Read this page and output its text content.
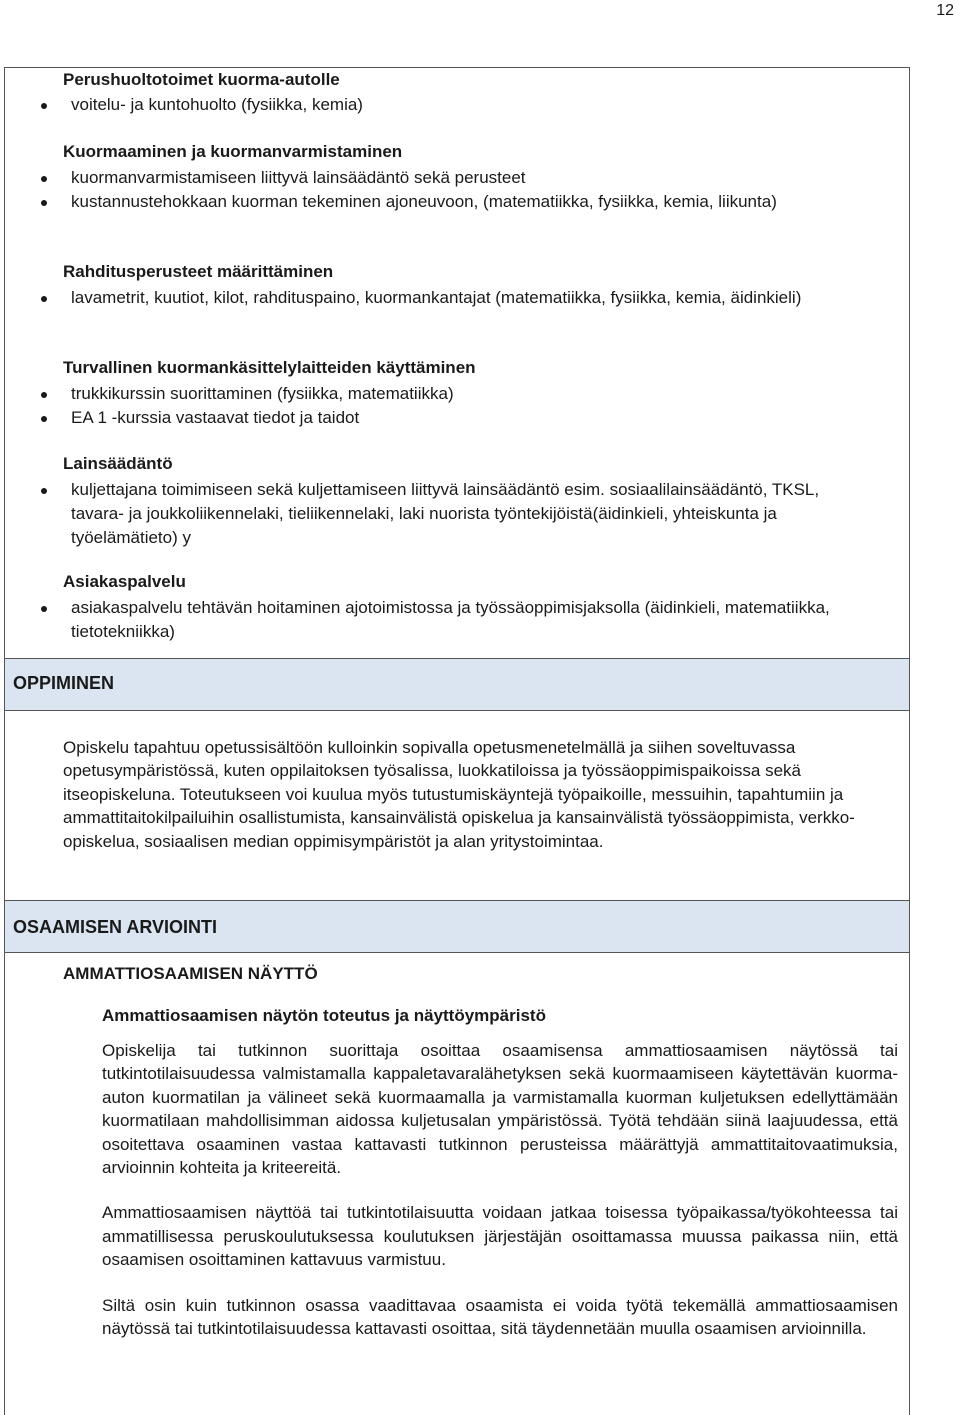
12
Perushuoltotoimet kuorma-autolle
voitelu- ja kuntohuolto (fysiikka, kemia)
Kuormaaminen ja kuormanvarmistaminen
kuormanvarmistamiseen liittyvä lainsäädäntö sekä perusteet
kustannustehokkaan kuorman tekeminen ajoneuvoon, (matematiikka, fysiikka, kemia, liikunta)
Rahditusperusteet määrittäminen
lavametrit, kuutiot, kilot, rahdituspaino, kuormankantajat (matematiikka, fysiikka, kemia, äidinkieli)
Turvallinen kuormankäsittelylaitteiden käyttäminen
trukkikurssin suorittaminen (fysiikka, matematiikka)
EA 1 -kurssia vastaavat tiedot ja taidot
Lainsäädäntö
kuljettajana toimimiseen sekä kuljettamiseen liittyvä lainsäädäntö esim. sosiaalilainsäädäntö, TKSL, tavara- ja joukkoliikennelaki, tieliikennelaki, laki nuorista työntekijöistä(äidinkieli, yhteiskunta ja työelämätieto) y
Asiakaspalvelu
asiakaspalvelu tehtävän hoitaminen ajotoimistossa ja työssäoppimisjaksolla (äidinkieli, matematiikka, tietotekniikka)
OPPIMINEN

Opiskelu tapahtuu opetussisältöön kulloinkin sopivalla opetusmenetelmällä ja siihen soveltuvassa opetusympäristössä, kuten oppilaitoksen työsalissa, luokkatiloissa ja työssäoppimispaikoissa sekä itseopiskeluna. Toteutukseen voi kuulua myös tutustumiskäyntejä työpaikoille, messuihin, tapahtumiin ja ammattitaitokilpailuihin osallistumista, kansainvälistä opiskelua ja kansainvälistä työssäoppimista, verkko-opiskelua, sosiaalisen median oppimisympäristöt ja alan yritystoimintaa.

OSAAMISEN ARVIOINTI
AMMATTIOSAAMISEN NÄYTTÖ
Ammattiosaamisen näytön toteutus ja näyttöympäristö

Opiskelija tai tutkinnon suorittaja osoittaa osaamisensa ammattiosaamisen näytössä tai tutkintotilaisuudessa valmistamalla kappaletavaralähetyksen sekä kuormaamiseen käytettävän kuorma-auton kuormatilan ja välineet sekä kuormaamalla ja varmistamalla kuorman kuljetuksen edellyttämään kuormatilaan mahdollisimman aidossa kuljetusalan ympäristössä. Työtä tehdään siinä laajuudessa, että osoitettava osaaminen vastaa kattavasti tutkinnon perusteissa määrättyjä ammattitaitovaatimuksia, arvioinnin kohteita ja kriteereitä.

Ammattiosaamisen näyttöä tai tutkintotilaisuutta voidaan jatkaa toisessa työpaikassa/työkohteessa tai ammatillisessa peruskoulutuksessa koulutuksen järjestäjän osoittamassa muussa paikassa niin, että osaamisen osoittaminen kattavuus varmistuu.

Siltä osin kuin tutkinnon osassa vaadittavaa osaamista ei voida työtä tekemällä ammattiosaamisen näytössä tai tutkintotilaisuudessa kattavasti osoittaa, sitä täydennetään muulla osaamisen arvioinnilla.
